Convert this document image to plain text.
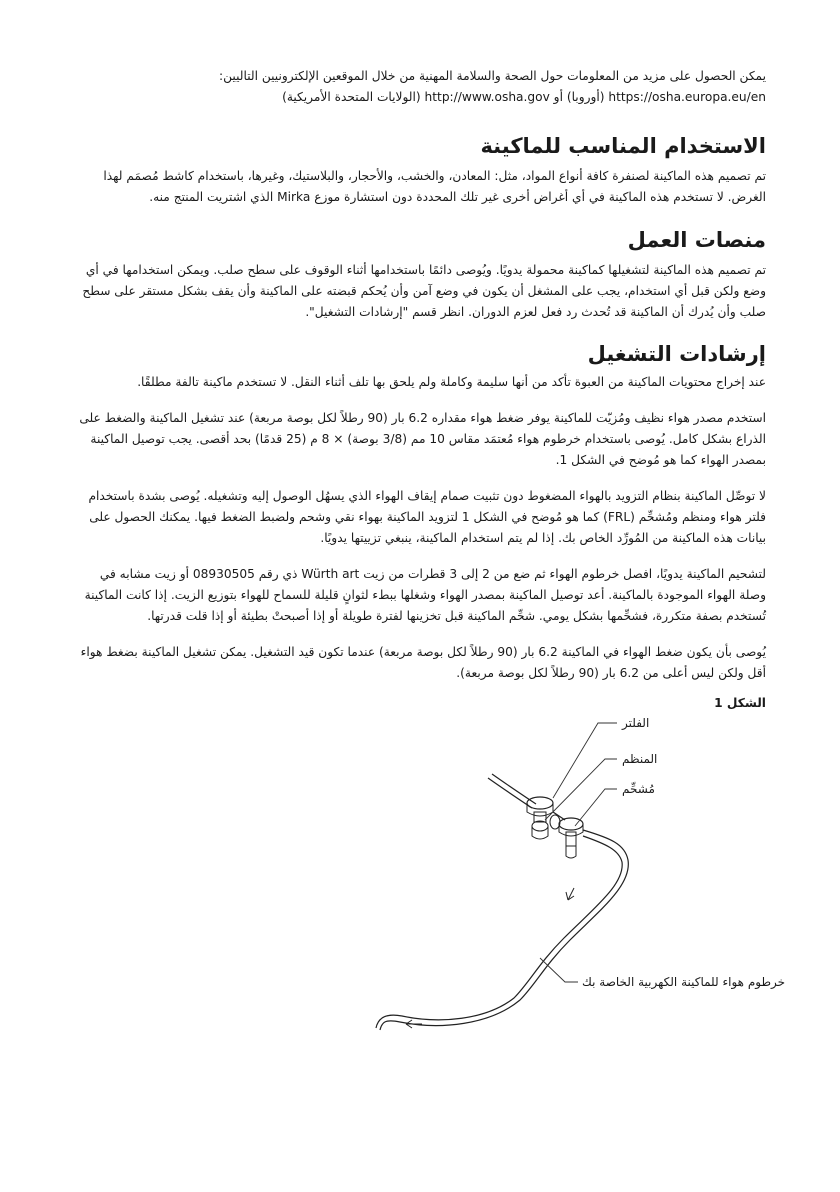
يمكن الحصول على مزيد من المعلومات حول الصحة والسلامة المهنية من خلال الموقعين الإلكترونيين التاليين:

https://osha.europa.eu/en (أوروبا) أو http://www.osha.gov (الولايات المتحدة الأمريكية)

الاستخدام المناسب للماكينة

تم تصميم هذه الماكينة لصنفرة كافة أنواع المواد، مثل: المعادن، والخشب، والأحجار، والبلاستيك، وغيرها، باستخدام كاشط مُصمَم لهذا الغرض. لا تستخدم هذه الماكينة في أي أغراض أخرى غير تلك المحددة دون استشارة موزع Mirka الذي اشتريت المنتج منه.

منصات العمل

تم تصميم هذه الماكينة لتشغيلها كماكينة محمولة يدويًا. ويُوصى دائمًا باستخدامها أثناء الوقوف على سطح صلب. ويمكن استخدامها في أي وضع ولكن قبل أي استخدام، يجب على المشغل أن يكون في وضع آمن وأن يُحكم قبضته على الماكينة وأن يقف بشكل مستقر على سطح صلب وأن يُدرك أن الماكينة قد تُحدث رد فعل لعزم الدوران. انظر قسم "إرشادات التشغيل".

إرشادات التشغيل

عند إخراج محتويات الماكينة من العبوة تأكد من أنها سليمة وكاملة ولم يلحق بها تلف أثناء النقل. لا تستخدم ماكينة تالفة مطلقًا.

استخدم مصدر هواء نظيف ومُزيّت للماكينة يوفر ضغط هواء مقداره 6.2 بار (90 رطلاً لكل بوصة مربعة) عند تشغيل الماكينة والضغط على الذراع بشكل كامل. يُوصى باستخدام خرطوم هواء مُعتمَد مقاس 10 مم (3/8 بوصة) × 8 م (25 قدمًا) بحد أقصى. يجب توصيل الماكينة بمصدر الهواء كما هو مُوضح في الشكل 1.

لا توصِّل الماكينة بنظام التزويد بالهواء المضغوط دون تثبيت صمام إيقاف الهواء الذي يسهُل الوصول إليه وتشغيله. يُوصى بشدة باستخدام فلتر هواء ومنظم ومُشحِّم (FRL) كما هو مُوضح في الشكل 1 لتزويد الماكينة بهواء نقي وشحم ولضبط الضغط فيها. يمكنك الحصول على بيانات هذه الماكينة من المُورِّد الخاص بك. إذا لم يتم استخدام الماكينة، ينبغي تزييتها يدويًا.

لتشحيم الماكينة يدويًا، افصل خرطوم الهواء ثم ضع من 2 إلى 3 قطرات من زيت Würth art ذي رقم 08930505 أو زيت مشابه في وصلة الهواء الموجودة بالماكينة. أعد توصيل الماكينة بمصدر الهواء وشغلها ببطء لثوانٍ قليلة للسماح للهواء بتوزيع الزيت. إذا كانت الماكينة تُستخدم بصفة متكررة، فشحِّمها بشكل يومي. شحِّم الماكينة قبل تخزينها لفترة طويلة أو إذا أصبحتْ بطيئة أو إذا قلت قدرتها.

يُوصى بأن يكون ضغط الهواء في الماكينة 6.2 بار (90 رطلاً لكل بوصة مربعة) عندما تكون قيد التشغيل. يمكن تشغيل الماكينة بضغط هواء أقل ولكن ليس أعلى من 6.2 بار (90 رطلاً لكل بوصة مربعة).

الشكل 1
الفلتر
المنظم
مُشحِّم
خرطوم هواء للماكينة الكهربية الخاصة بك
